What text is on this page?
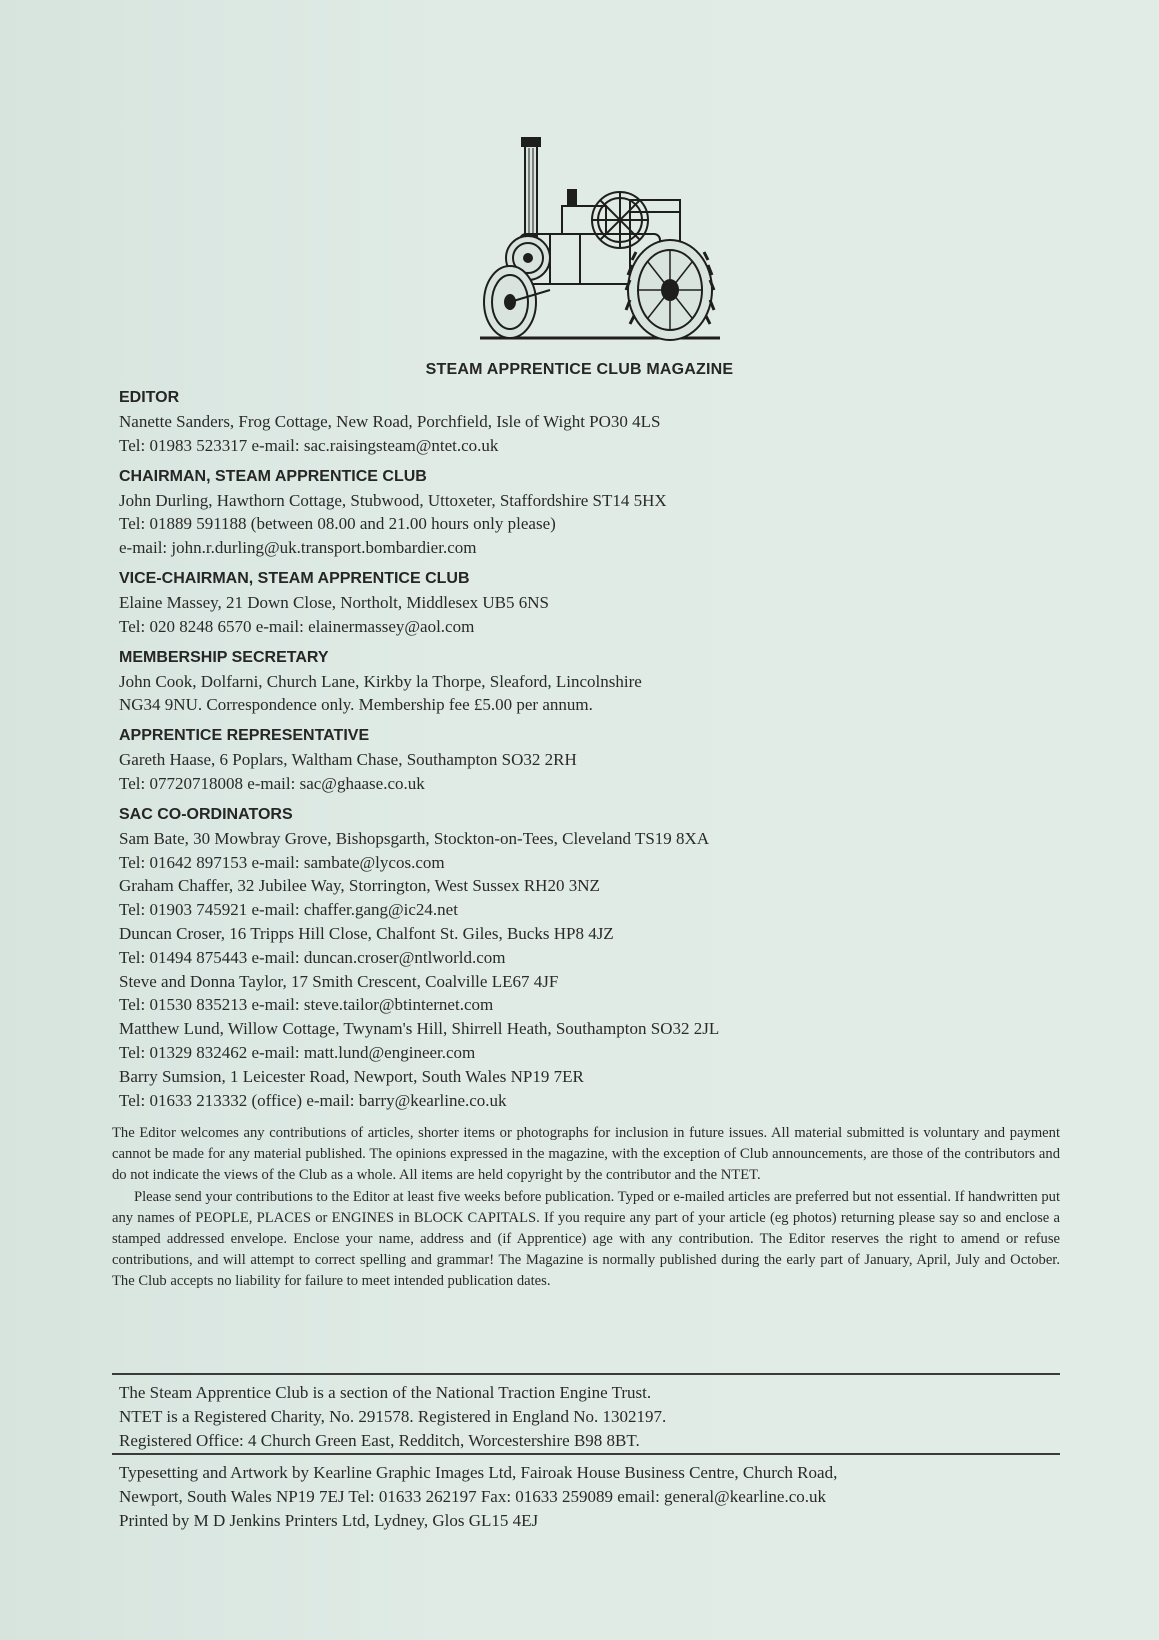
STEAM APPRENTICE CLUB MAGAZINE
EDITOR
Nanette Sanders, Frog Cottage, New Road, Porchfield, Isle of Wight PO30 4LS
Tel: 01983 523317 e-mail: sac.raisingsteam@ntet.co.uk
CHAIRMAN, STEAM APPRENTICE CLUB
John Durling, Hawthorn Cottage, Stubwood, Uttoxeter, Staffordshire ST14 5HX
Tel: 01889 591188 (between 08.00 and 21.00 hours only please)
e-mail: john.r.durling@uk.transport.bombardier.com
VICE-CHAIRMAN, STEAM APPRENTICE CLUB
Elaine Massey, 21 Down Close, Northolt, Middlesex UB5 6NS
Tel: 020 8248 6570 e-mail: elainermassey@aol.com
MEMBERSHIP SECRETARY
John Cook, Dolfarni, Church Lane, Kirkby la Thorpe, Sleaford, Lincolnshire
NG34 9NU. Correspondence only. Membership fee £5.00 per annum.
APPRENTICE REPRESENTATIVE
Gareth Haase, 6 Poplars, Waltham Chase, Southampton SO32 2RH
Tel: 07720718008 e-mail: sac@ghaase.co.uk
SAC CO-ORDINATORS
Sam Bate, 30 Mowbray Grove, Bishopsgarth, Stockton-on-Tees, Cleveland TS19 8XA
Tel: 01642 897153 e-mail: sambate@lycos.com
Graham Chaffer, 32 Jubilee Way, Storrington, West Sussex RH20 3NZ
Tel: 01903 745921 e-mail: chaffer.gang@ic24.net
Duncan Croser, 16 Tripps Hill Close, Chalfont St. Giles, Bucks HP8 4JZ
Tel: 01494 875443 e-mail: duncan.croser@ntlworld.com
Steve and Donna Taylor, 17 Smith Crescent, Coalville LE67 4JF
Tel: 01530 835213 e-mail: steve.tailor@btinternet.com
Matthew Lund, Willow Cottage, Twynam's Hill, Shirrell Heath, Southampton SO32 2JL
Tel: 01329 832462 e-mail: matt.lund@engineer.com
Barry Sumsion, 1 Leicester Road, Newport, South Wales NP19 7ER
Tel: 01633 213332 (office) e-mail: barry@kearline.co.uk

The Editor welcomes any contributions of articles, shorter items or photographs for inclusion in future issues. All material submitted is voluntary and payment cannot be made for any material published. The opinions expressed in the magazine, with the exception of Club announcements, are those of the contributors and do not indicate the views of the Club as a whole. All items are held copyright by the contributor and the NTET.

Please send your contributions to the Editor at least five weeks before publication. Typed or e-mailed articles are preferred but not essential. If handwritten put any names of PEOPLE, PLACES or ENGINES in BLOCK CAPITALS. If you require any part of your article (eg photos) returning please say so and enclose a stamped addressed envelope. Enclose your name, address and (if Apprentice) age with any contribution. The Editor reserves the right to amend or refuse contributions, and will attempt to correct spelling and grammar! The Magazine is normally published during the early part of January, April, July and October. The Club accepts no liability for failure to meet intended publication dates.

The Steam Apprentice Club is a section of the National Traction Engine Trust.
NTET is a Registered Charity, No. 291578. Registered in England No. 1302197.
Registered Office: 4 Church Green East, Redditch, Worcestershire B98 8BT.
Typesetting and Artwork by Kearline Graphic Images Ltd, Fairoak House Business Centre, Church Road,
Newport, South Wales NP19 7EJ Tel: 01633 262197 Fax: 01633 259089 email: general@kearline.co.uk
Printed by M D Jenkins Printers Ltd, Lydney, Glos GL15 4EJ
